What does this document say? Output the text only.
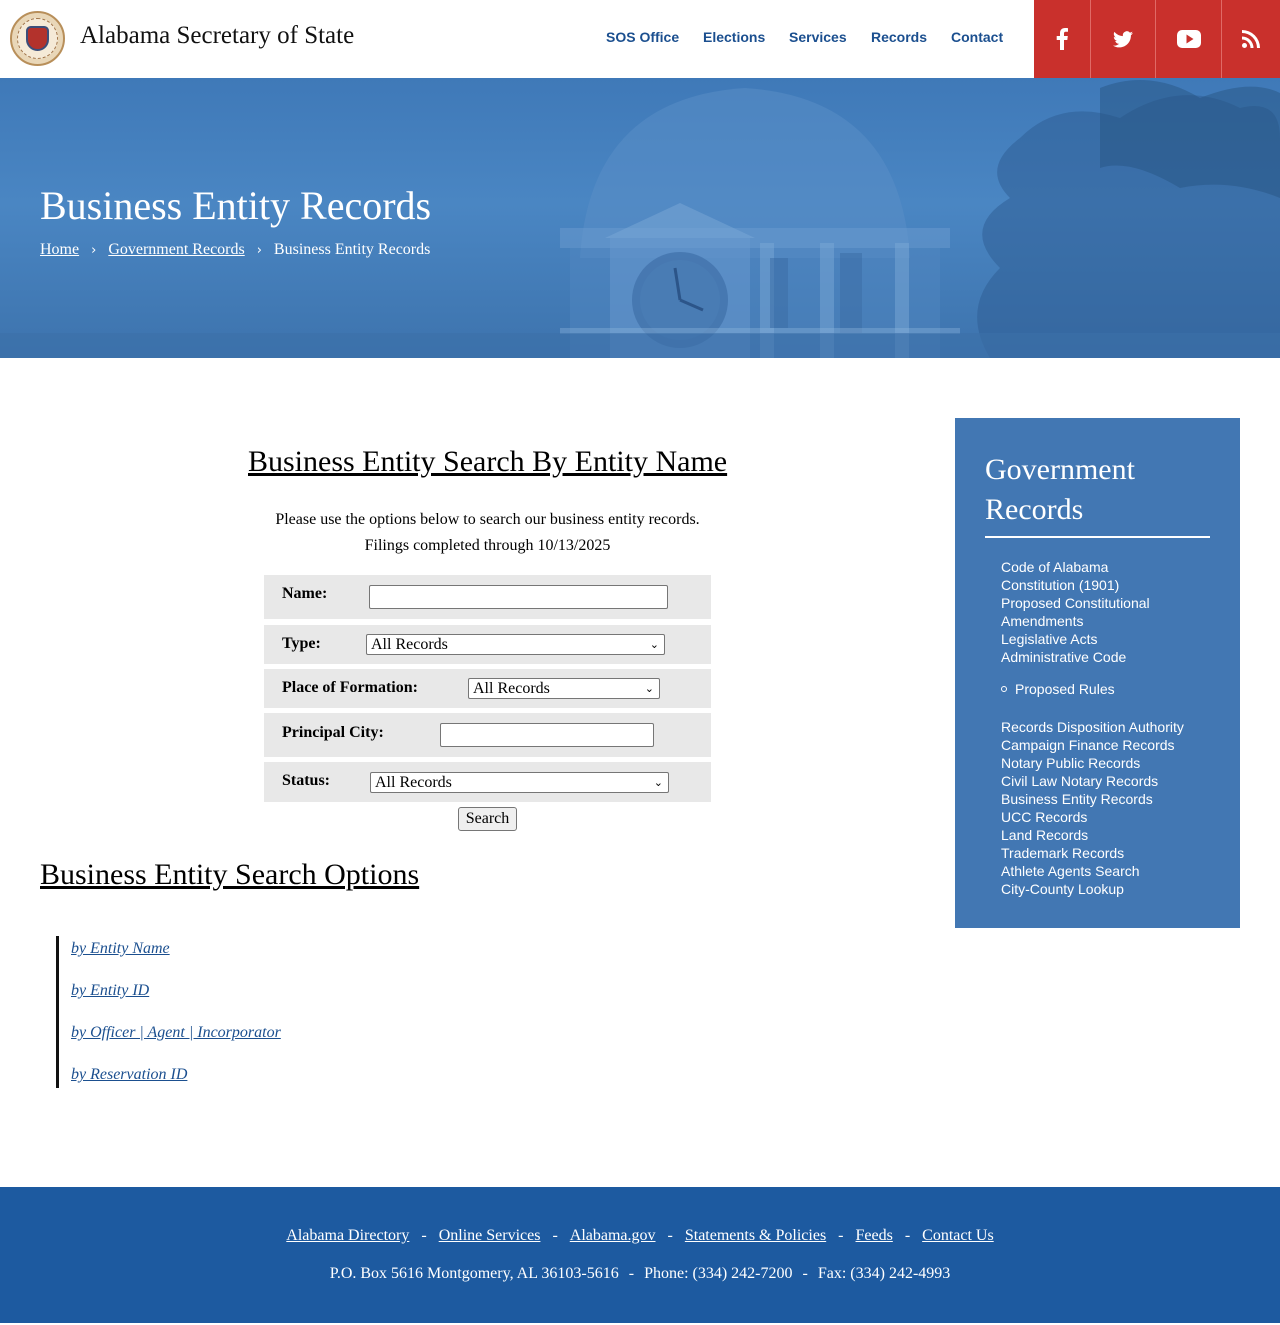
Alabama Secretary of State	SOS Office Elections Services Records Contact
Business Entity Records
Home › Government Records › Business Entity Records
Business Entity Search By Entity Name
Please use the options below to search our business entity records.
Filings completed through 10/13/2025
Name:
Type:	All Records	⌄
Place of Formation:	All Records	⌄
Principal City:
Status:	All Records	⌄
Search
Business Entity Search Options
by Entity Name
by Entity ID
by Officer | Agent | Incorporator
by Reservation ID
Government Records
Code of Alabama
Constitution (1901)
Proposed Constitutional
Amendments
Legislative Acts
Administrative Code
Proposed Rules
Records Disposition Authority
Campaign Finance Records
Notary Public Records
Civil Law Notary Records
Business Entity Records
UCC Records
Land Records
Trademark Records
Athlete Agents Search
City-County Lookup
Alabama Directory - Online Services - Alabama.gov - Statements & Policies - Feeds - Contact Us
P.O. Box 5616 Montgomery, AL 36103-5616 - Phone: (334) 242-7200 - Fax: (334) 242-4993
